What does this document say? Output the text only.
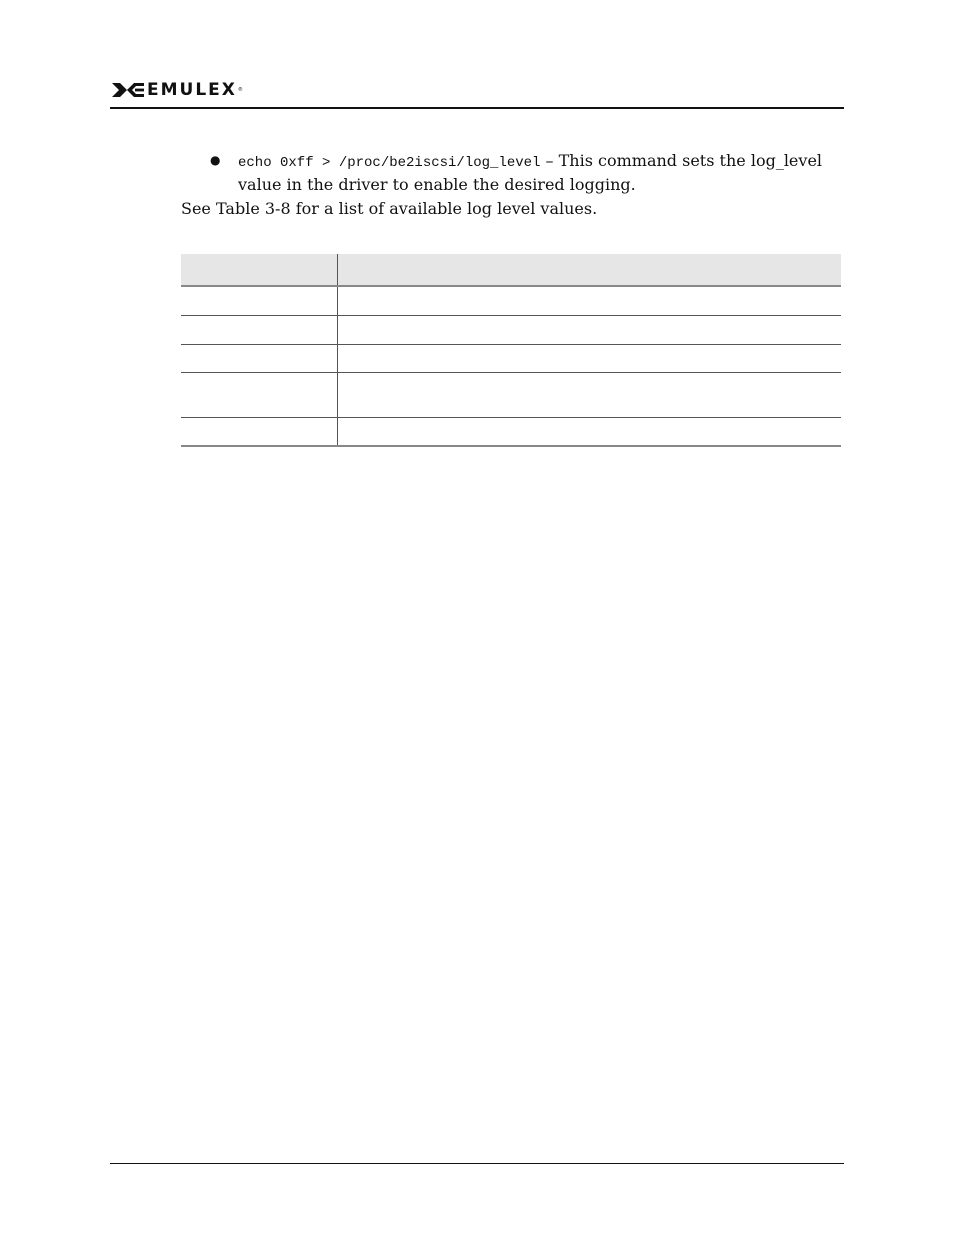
EMULEX ®
● echo 0xff > /proc/be2iscsi/log_level – This command sets the log_level value in the driver to enable the desired logging.
See Table 3-8 for a list of available log level values.
